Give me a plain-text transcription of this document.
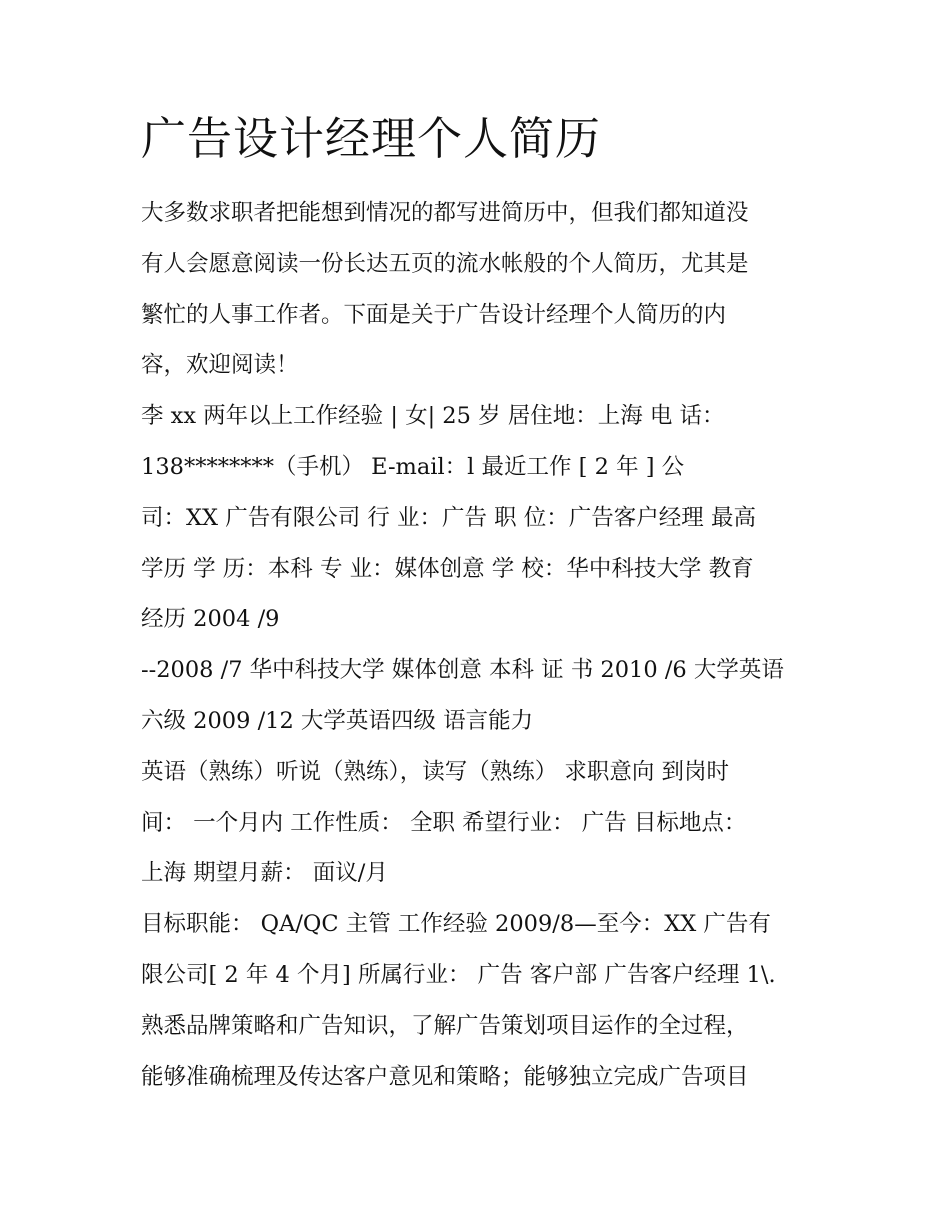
广告设计经理个人简历

大多数求职者把能想到情况的都写进简历中，但我们都知道没

有人会愿意阅读一份长达五页的流水帐般的个人简历，尤其是

繁忙的人事工作者。下面是关于广告设计经理个人简历的内

容，欢迎阅读！

李 xx 两年以上工作经验 | 女| 25 岁 居住地：上海 电 话：

138********（手机） E-mail：l 最近工作 [ 2 年 ] 公

司：XX 广告有限公司 行 业：广告 职 位：广告客户经理 最高

学历 学 历：本科 专 业：媒体创意 学 校：华中科技大学 教育

经历 2004 /9

--2008 /7 华中科技大学 媒体创意 本科 证 书 2010 /6 大学英语

六级 2009 /12 大学英语四级 语言能力

英语（熟练）听说（熟练），读写（熟练） 求职意向 到岗时

间： 一个月内 工作性质： 全职 希望行业： 广告 目标地点：

上海 期望月薪： 面议/月

目标职能： QA/QC 主管 工作经验 2009/8—至今：XX 广告有

限公司[ 2 年 4 个月] 所属行业： 广告 客户部 广告客户经理 1\.

熟悉品牌策略和广告知识，了解广告策划项目运作的全过程，

能够准确梳理及传达客户意见和策略；能够独立完成广告项目
